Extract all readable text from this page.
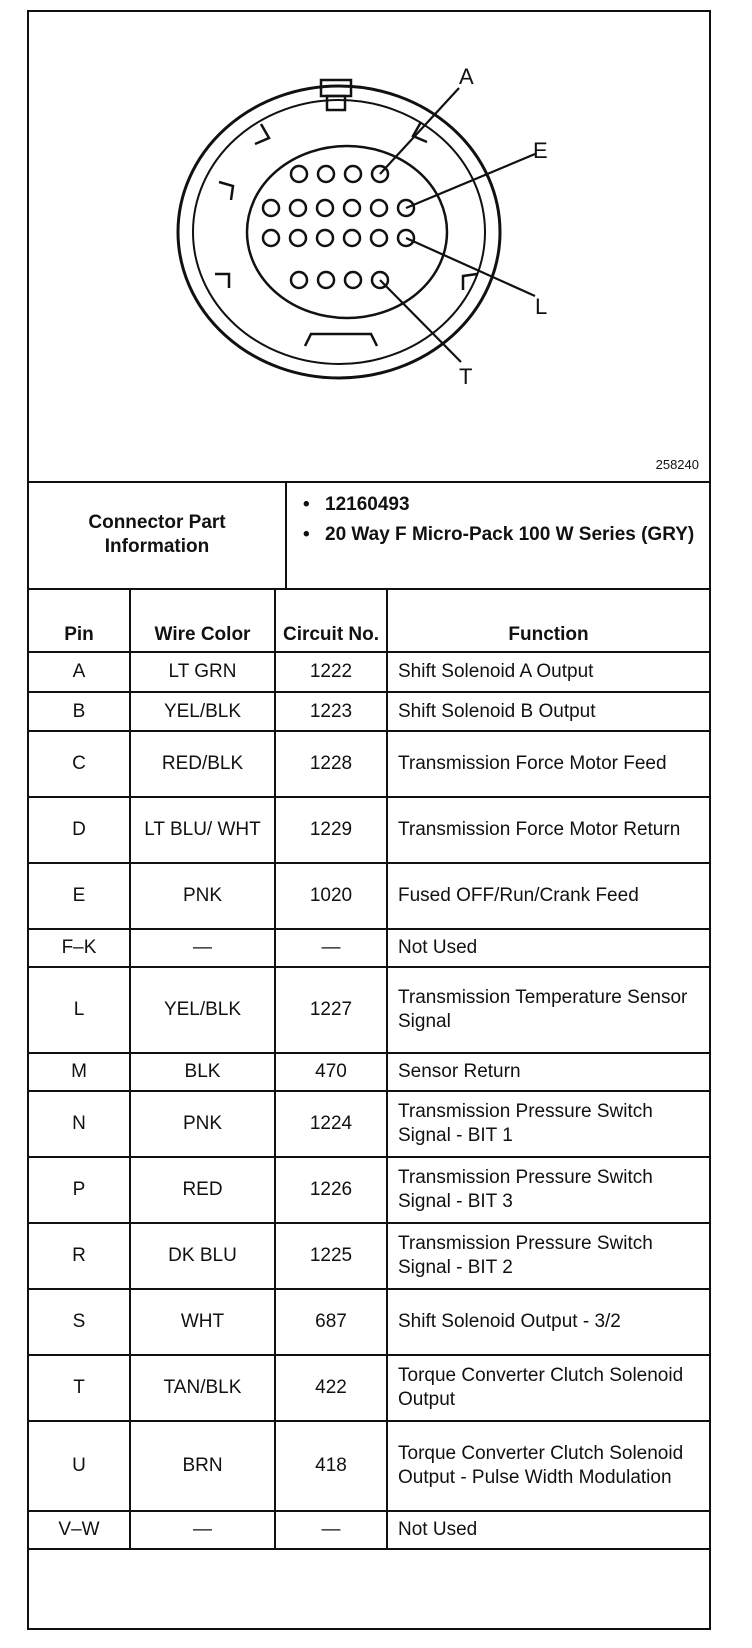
A
E
L
T
258240
Connector Part Information
• 12160493
• 20 Way F Micro-Pack 100 W Series (GRY)
Pin	Wire Color	Circuit No.	Function
A	LT GRN	1222	Shift Solenoid A Output
B	YEL/BLK	1223	Shift Solenoid B Output
C	RED/BLK	1228	Transmission Force Motor Feed
D	LT BLU/ WHT	1229	Transmission Force Motor Return
E	PNK	1020	Fused OFF/Run/Crank Feed
F–K	—	—	Not Used
L	YEL/BLK	1227	Transmission Temperature Sensor Signal
M	BLK	470	Sensor Return
N	PNK	1224	Transmission Pressure Switch Signal - BIT 1
P	RED	1226	Transmission Pressure Switch Signal - BIT 3
R	DK BLU	1225	Transmission Pressure Switch Signal - BIT 2
S	WHT	687	Shift Solenoid Output - 3/2
T	TAN/BLK	422	Torque Converter Clutch Solenoid Output
U	BRN	418	Torque Converter Clutch Solenoid Output - Pulse Width Modulation
V–W	—	—	Not Used
